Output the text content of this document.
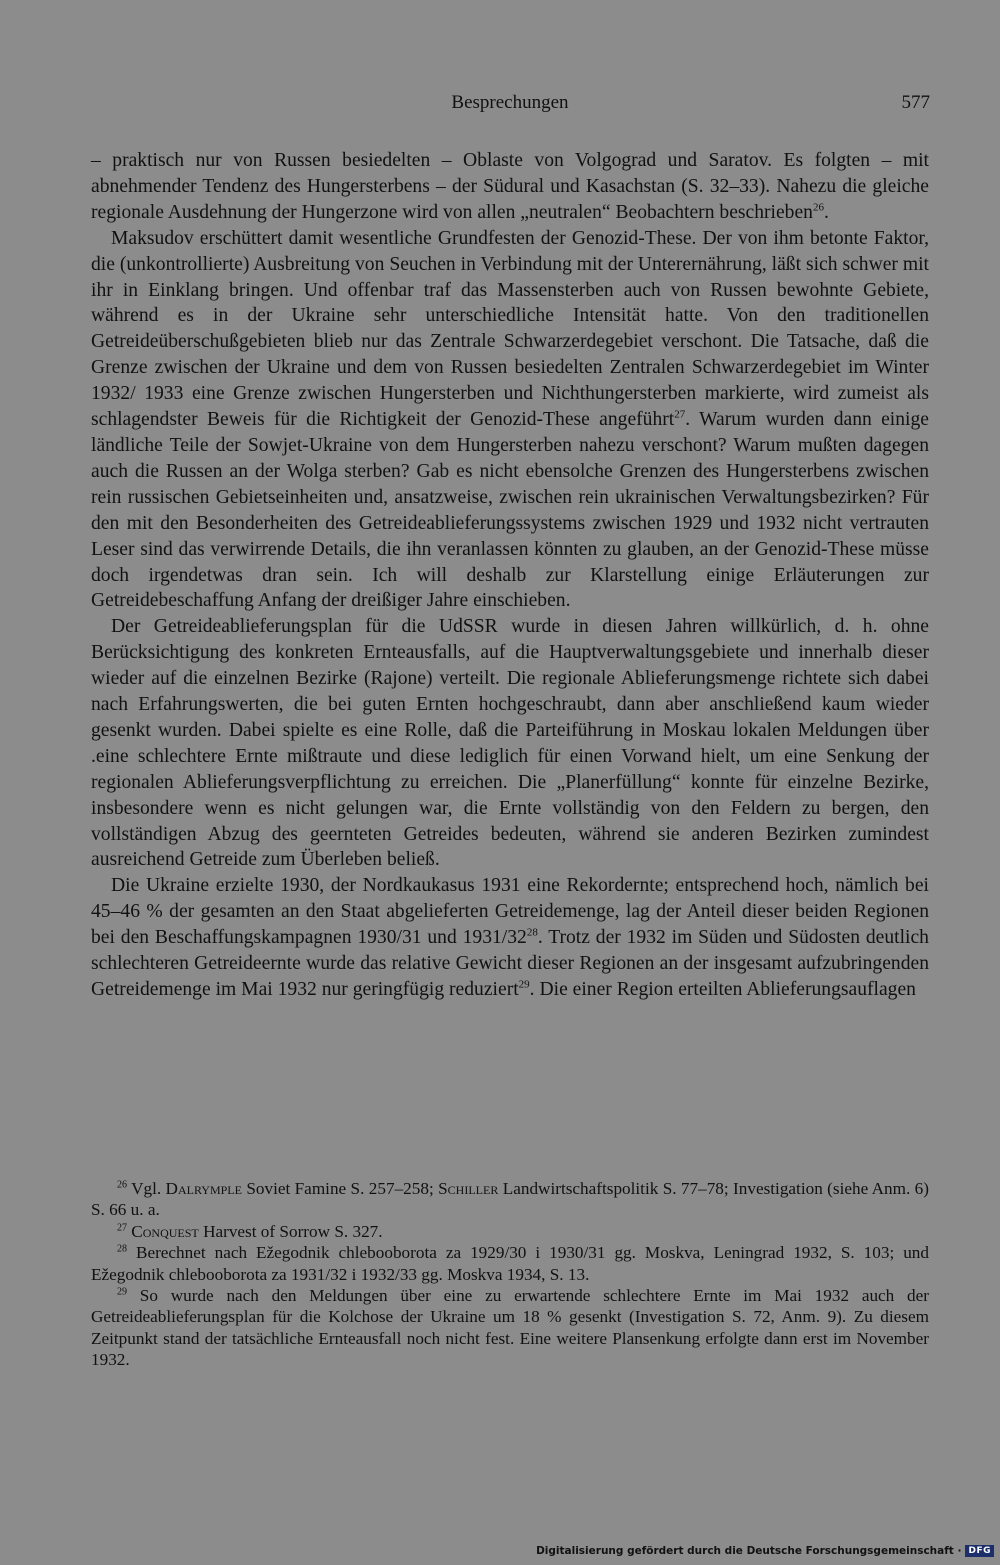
Besprechungen	577

– praktisch nur von Russen besiedelten – Oblaste von Volgograd und Saratov. Es folgten – mit abnehmender Tendenz des Hungersterbens – der Südural und Kasachstan (S. 32–33). Nahezu die gleiche regionale Ausdehnung der Hungerzone wird von allen „neutralen“ Beobachtern beschrieben$^{26}$.

Maksudov erschüttert damit wesentliche Grundfesten der Genozid-These. Der von ihm betonte Faktor, die (unkontrollierte) Ausbreitung von Seuchen in Verbindung mit der Unterernährung, läßt sich schwer mit ihr in Einklang bringen. Und offenbar traf das Massensterben auch von Russen bewohnte Gebiete, während es in der Ukraine sehr unterschiedliche Intensität hatte. Von den traditionellen Getreideüberschußgebieten blieb nur das Zentrale Schwarzerdegebiet verschont. Die Tatsache, daß die Grenze zwischen der Ukraine und dem von Russen besiedelten Zentralen Schwarzerdegebiet im Winter 1932/ 1933 eine Grenze zwischen Hungersterben und Nichthungersterben markierte, wird zumeist als schlagendster Beweis für die Richtigkeit der Genozid-These angeführt$^{27}$. Warum wurden dann einige ländliche Teile der Sowjet-Ukraine von dem Hungersterben nahezu verschont? Warum mußten dagegen auch die Russen an der Wolga sterben? Gab es nicht ebensolche Grenzen des Hungersterbens zwischen rein russischen Gebietseinheiten und, ansatzweise, zwischen rein ukrainischen Verwaltungsbezirken? Für den mit den Besonderheiten des Getreideablieferungssystems zwischen 1929 und 1932 nicht vertrauten Leser sind das verwirrende Details, die ihn veranlassen könnten zu glauben, an der Genozid-These müsse doch irgendetwas dran sein. Ich will deshalb zur Klarstellung einige Erläuterungen zur Getreidebeschaffung Anfang der dreißiger Jahre einschieben.

Der Getreideablieferungsplan für die UdSSR wurde in diesen Jahren willkürlich, d. h. ohne Berücksichtigung des konkreten Ernteausfalls, auf die Hauptverwaltungsgebiete und innerhalb dieser wieder auf die einzelnen Bezirke (Rajone) verteilt. Die regionale Ablieferungsmenge richtete sich dabei nach Erfahrungswerten, die bei guten Ernten hochgeschraubt, dann aber anschließend kaum wieder gesenkt wurden. Dabei spielte es eine Rolle, daß die Parteiführung in Moskau lokalen Meldungen über .eine schlechtere Ernte mißtraute und diese lediglich für einen Vorwand hielt, um eine Senkung der regionalen Ablieferungsverpflichtung zu erreichen. Die „Planerfüllung“ konnte für einzelne Bezirke, insbesondere wenn es nicht gelungen war, die Ernte vollständig von den Feldern zu bergen, den vollständigen Abzug des geernteten Getreides bedeuten, während sie anderen Bezirken zumindest ausreichend Getreide zum Überleben beließ.

Die Ukraine erzielte 1930, der Nordkaukasus 1931 eine Rekordernte; entsprechend hoch, nämlich bei 45–46 % der gesamten an den Staat abgelieferten Getreidemenge, lag der Anteil dieser beiden Regionen bei den Beschaffungskampagnen 1930/31 und $1931/32^{28}$. Trotz der 1932 im Süden und Südosten deutlich schlechteren Getreideernte wurde das relative Gewicht dieser Regionen an der insgesamt aufzubringenden Getreidemenge im Mai 1932 nur geringfügig reduziert$^{29}$. Die einer Region erteilten Ablieferungsauflagen

$^{26}$ Vgl. Dalrymple Soviet Famine S. 257–258; Schiller Landwirtschaftspolitik S. 77–78; Investigation (siehe Anm. 6) S. 66 u. a.

$^{27}$ Conquest Harvest of Sorrow S. 327.

$^{28}$ Berechnet nach Ežegodnik chlebooborota za 1929/30 i 1930/31 gg. Moskva, Leningrad 1932, S. 103; und Ežegodnik chlebooborota za 1931/32 i 1932/33 gg. Moskva 1934, S. 13.

$^{29}$ So wurde nach den Meldungen über eine zu erwartende schlechtere Ernte im Mai 1932 auch der Getreideablieferungsplan für die Kolchose der Ukraine um 18 % gesenkt (Investigation S. 72, Anm. 9). Zu diesem Zeitpunkt stand der tatsächliche Ernteausfall noch nicht fest. Eine weitere Plansenkung erfolgte dann erst im November 1932.

Digitalisierung gefördert durch die Deutsche Forschungsgemeinschaft · DFG
